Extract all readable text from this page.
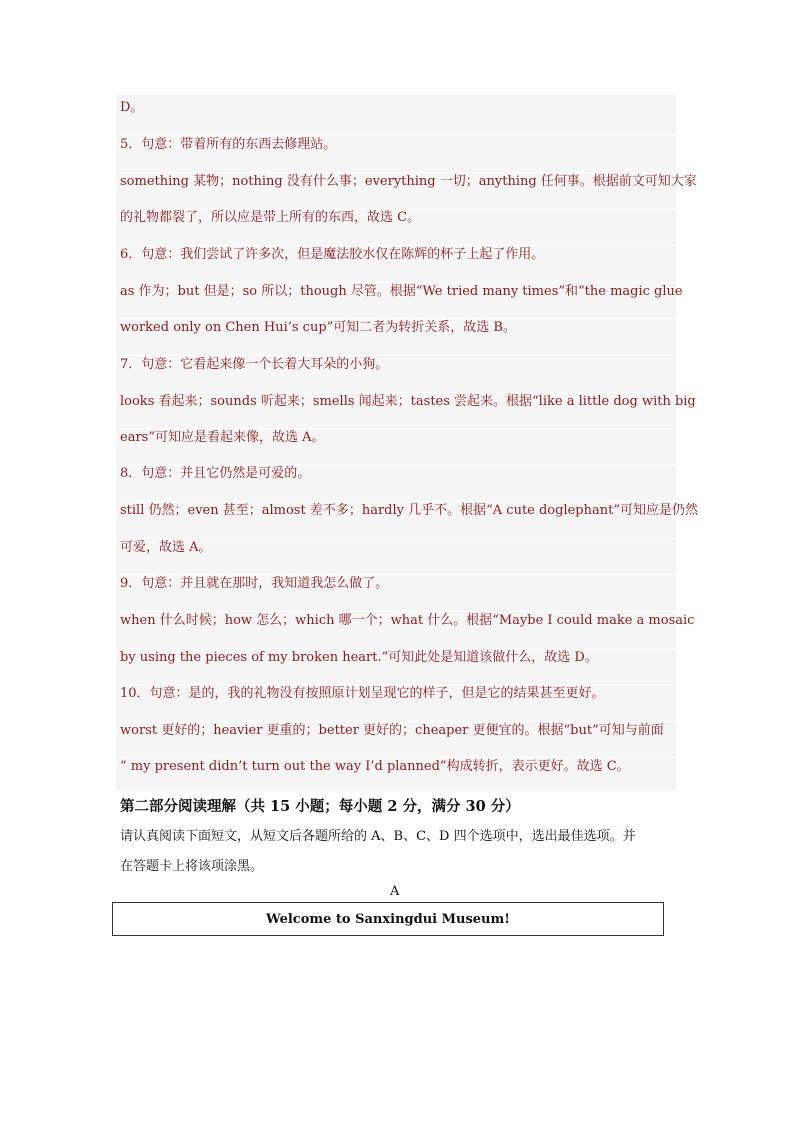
D。
5．句意：带着所有的东西去修理站。
something 某物；nothing 没有什么事；everything 一切；anything 任何事。根据前文可知大家
的礼物都裂了，所以应是带上所有的东西，故选 C。
6．句意：我们尝试了许多次，但是魔法胶水仅在陈辉的杯子上起了作用。
as 作为；but 但是；so 所以；though 尽管。根据“We tried many times”和“the magic glue
worked only on Chen Hui’s cup”可知二者为转折关系，故选 B。
7．句意：它看起来像一个长着大耳朵的小狗。
looks 看起来；sounds 听起来；smells 闻起来；tastes 尝起来。根据“like a little dog with big
ears”可知应是看起来像，故选 A。
8．句意：并且它仍然是可爱的。
still 仍然；even 甚至；almost 差不多；hardly 几乎不。根据“A cute doglephant”可知应是仍然
可爱，故选 A。
9．句意：并且就在那时，我知道我怎么做了。
when 什么时候；how 怎么；which 哪一个；what 什么。根据“Maybe I could make a mosaic
by using the pieces of my broken heart.”可知此处是知道该做什么，故选 D。
10．句意：是的，我的礼物没有按照原计划呈现它的样子，但是它的结果甚至更好。
worst 更好的；heavier 更重的；better 更好的；cheaper 更便宜的。根据“but”可知与前面
“ my present didn’t turn out the way I’d planned”构成转折，表示更好。故选 C。
第二部分阅读理解（共 15 小题；每小题 2 分，满分 30 分）
请认真阅读下面短文，从短文后各题所给的 A、B、C、D 四个选项中，选出最佳选项。并
在答题卡上将该项涂黑。
A
Welcome to Sanxingdui Museum!
